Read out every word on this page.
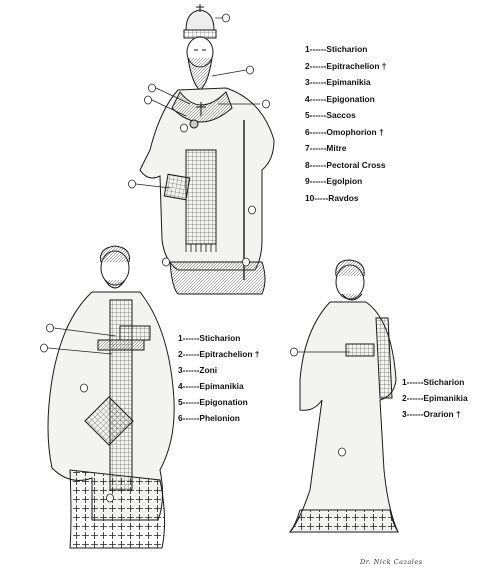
1------Sticharion
2------Epitrachelion †
3------Epimanikia
4------Epigonation
5------Saccos
6------Omophorion †
7------Mitre
8------Pectoral Cross
9------Egolpion
10-----Ravdos
1------Sticharion
2------Epitrachelion †
3------Zoni
4------Epimanikia
5------Epigonation
6------Phelonion
1------Sticharion
2------Epimanikia
3------Orarion †
Dr. Nick Cazales
